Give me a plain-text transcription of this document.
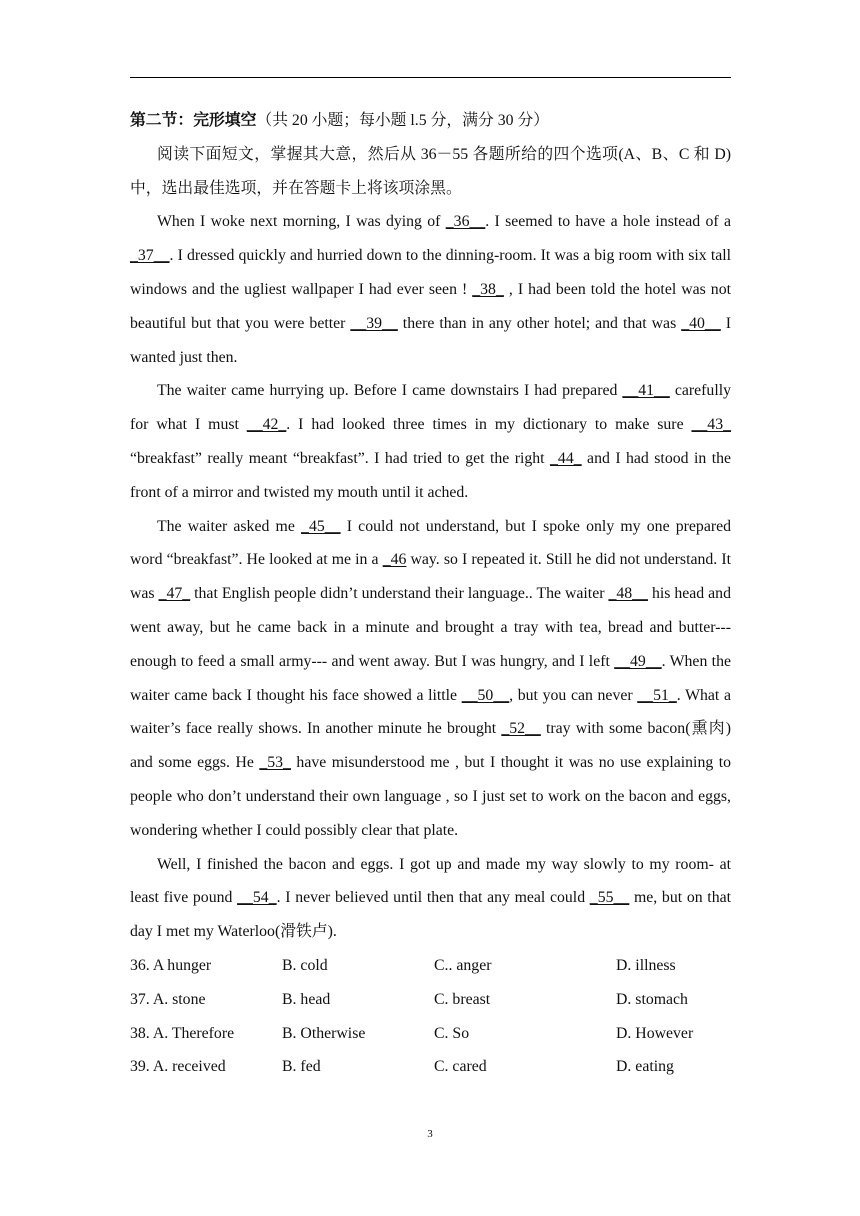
第二节：完形填空（共 20 小题；每小题 l.5 分，满分 30 分）

阅读下面短文，掌握其大意，然后从 36－55 各题所给的四个选项(A、B、C 和 D)中，选出最佳选项，并在答题卡上将该项涂黑。

When I woke next morning, I was dying of _36__. I seemed to have a hole instead of a _37__. I dressed quickly and hurried down to the dinning-room. It was a big room with six tall windows and the ugliest wallpaper I had ever seen ! _38_ , I had been told the hotel was not beautiful but that you were better __39__ there than in any other hotel; and that was _40__ I wanted just then.

The waiter came hurrying up. Before I came downstairs I had prepared __41__ carefully for what I must __42_. I had looked three times in my dictionary to make sure __43_ “breakfast” really meant “breakfast”. I had tried to get the right _44_ and I had stood in the front of a mirror and twisted my mouth until it ached.

The waiter asked me _45__ I could not understand, but I spoke only my one prepared word “breakfast”. He looked at me in a _46 way. so I repeated it. Still he did not understand. It was _47_ that English people didn’t understand their language.. The waiter _48__ his head and went away, but he came back in a minute and brought a tray with tea, bread and butter--- enough to feed a small army--- and went away. But I was hungry, and I left __49__. When the waiter came back I thought his face showed a little __50__, but you can never __51_. What a waiter’s face really shows. In another minute he brought _52__ tray with some bacon(熏肉) and some eggs. He _53_ have misunderstood me , but I thought it was no use explaining to people who don’t understand their own language , so I just set to work on the bacon and eggs, wondering whether I could possibly clear that plate.

Well, I finished the bacon and eggs. I got up and made my way slowly to my room- at least five pound __54_. I never believed until then that any meal could _55__ me, but on that day I met my Waterloo(滑铁卢).

36. A hunger	B. cold	C.. anger	D. illness
37. A. stone	B. head	C. breast	D. stomach
38. A. Therefore	B. Otherwise	C. So	D. However
39. A. received	B. fed	C. cared	D. eating
3
